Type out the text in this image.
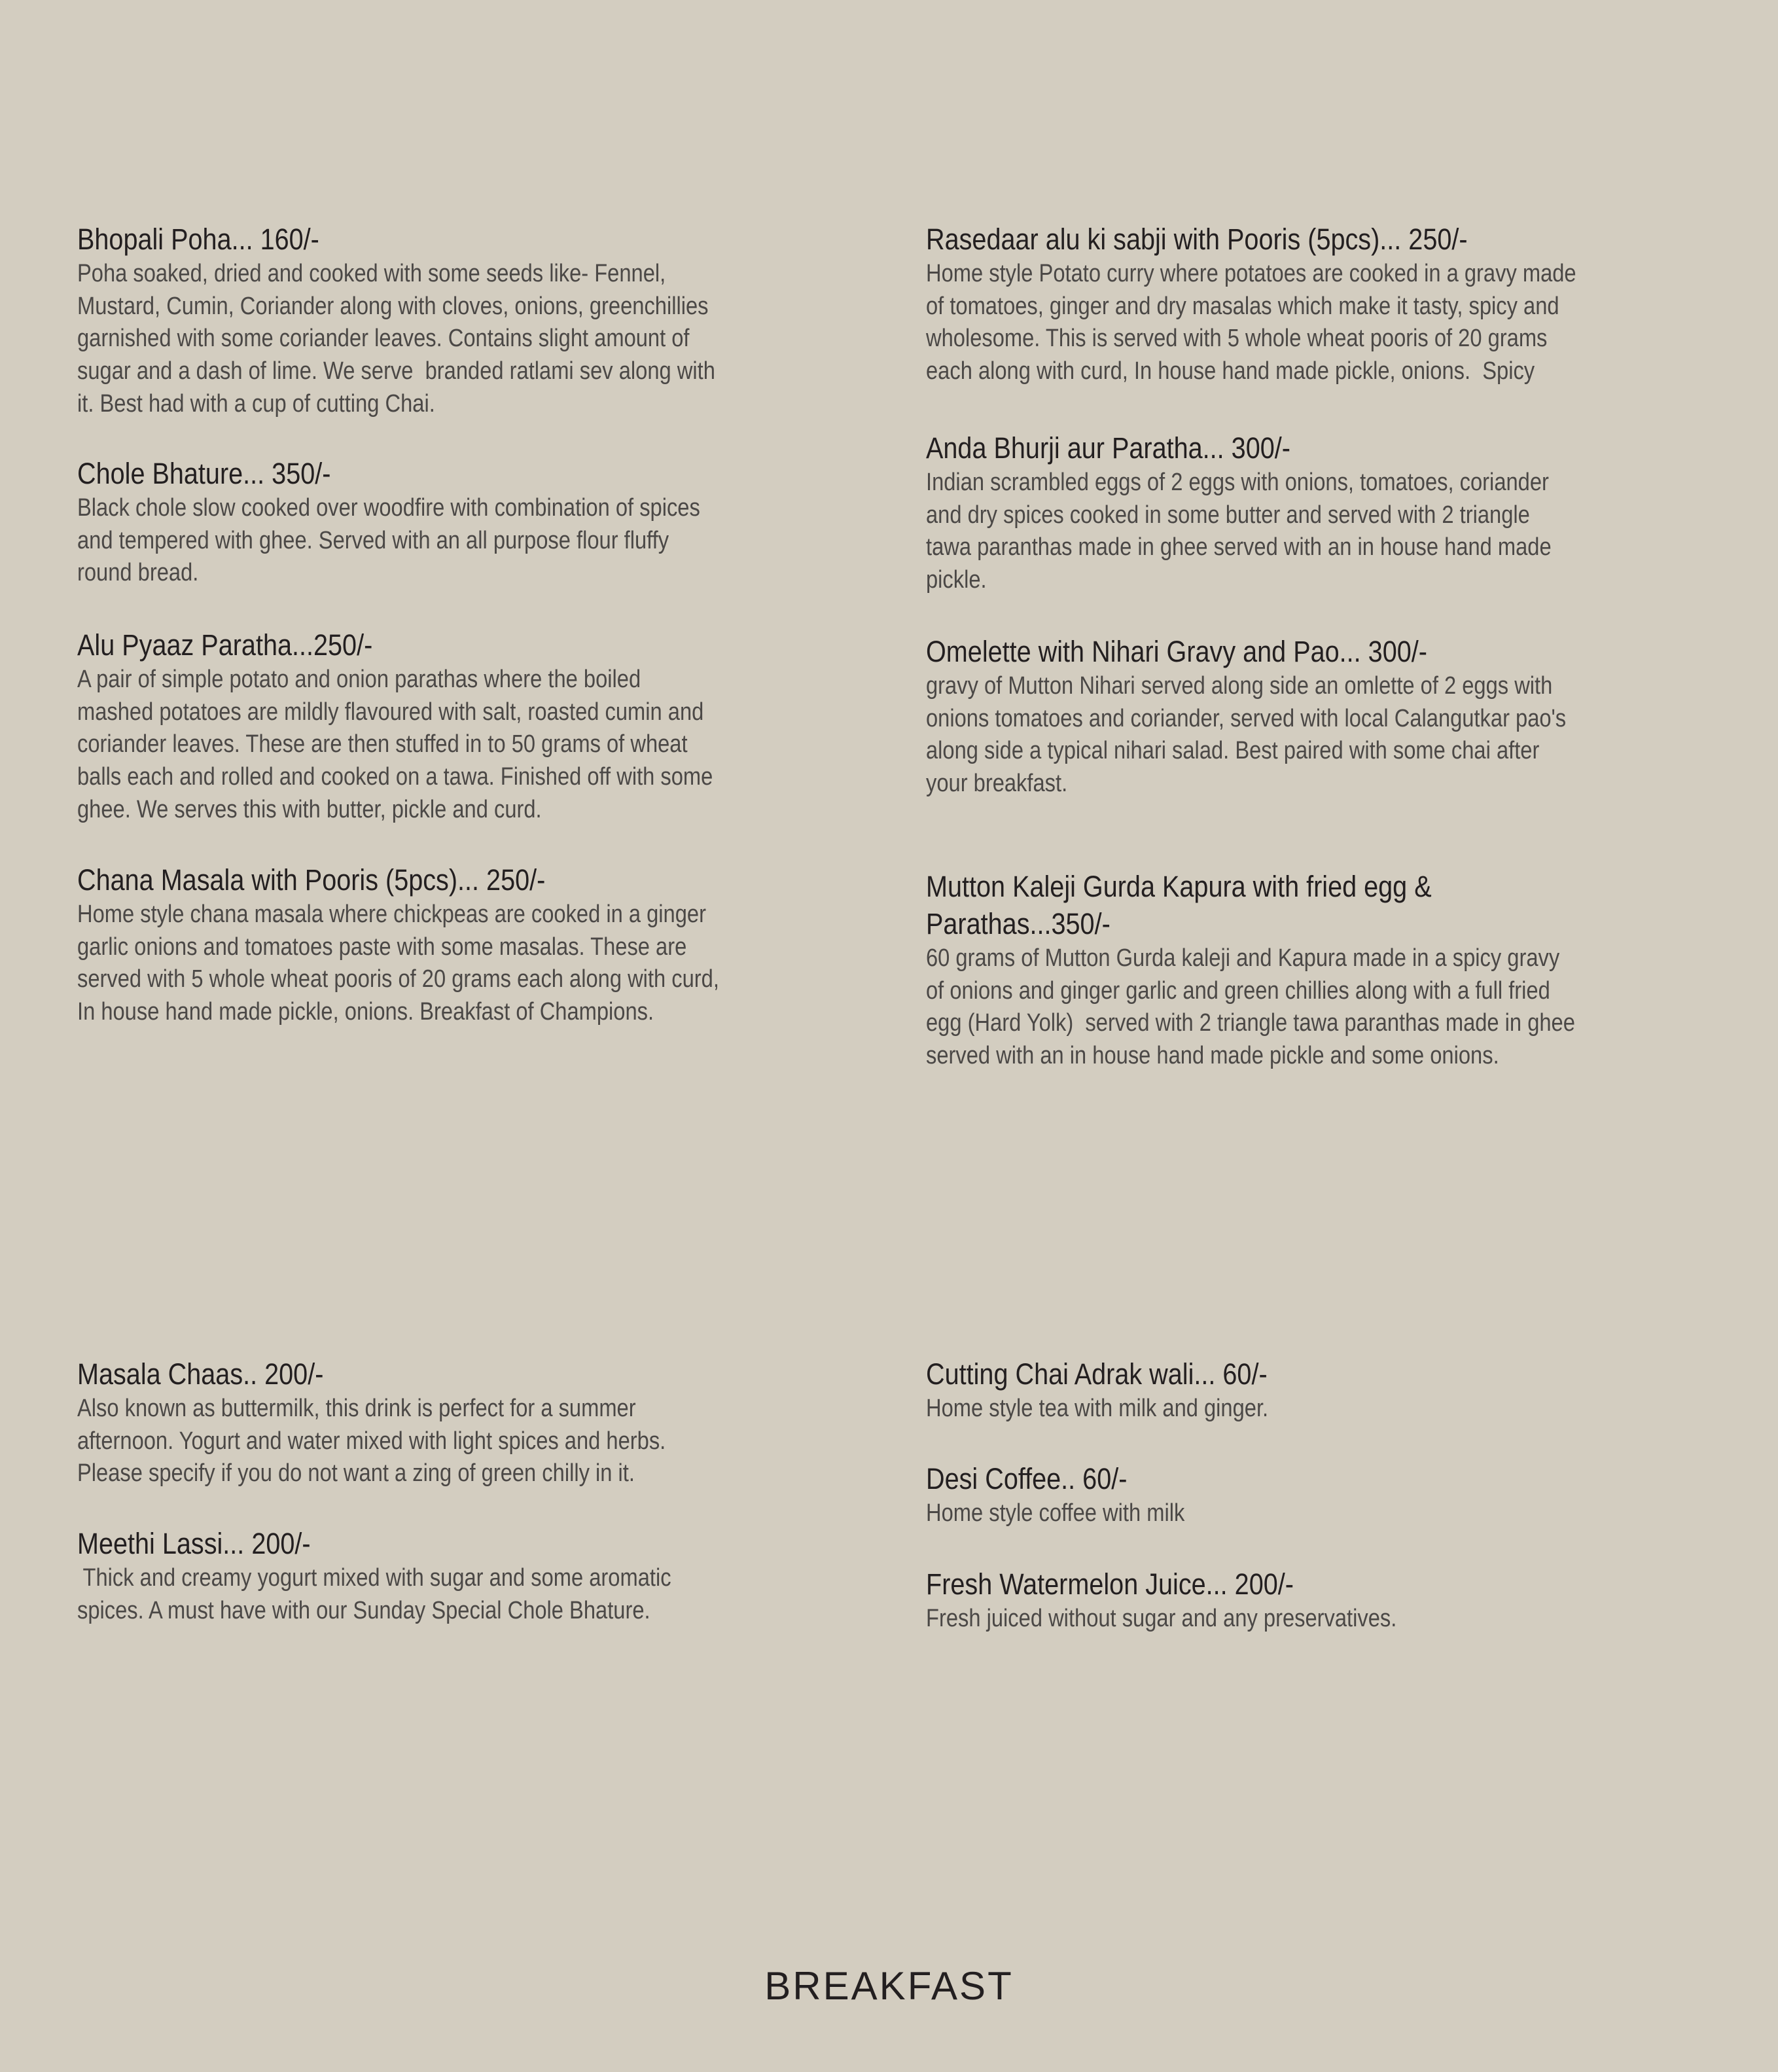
Bhopali Poha... 160/-
Poha soaked, dried and cooked with some seeds like- Fennel,
Mustard, Cumin, Coriander along with cloves, onions, greenchillies
garnished with some coriander leaves. Contains slight amount of
sugar and a dash of lime. We serve  branded ratlami sev along with
it. Best had with a cup of cutting Chai.
Chole Bhature... 350/-
Black chole slow cooked over woodfire with combination of spices
and tempered with ghee. Served with an all purpose flour fluffy
round bread.
Alu Pyaaz Paratha...250/-
A pair of simple potato and onion parathas where the boiled
mashed potatoes are mildly flavoured with salt, roasted cumin and
coriander leaves. These are then stuffed in to 50 grams of wheat
balls each and rolled and cooked on a tawa. Finished off with some
ghee. We serves this with butter, pickle and curd.
Chana Masala with Pooris (5pcs)... 250/-
Home style chana masala where chickpeas are cooked in a ginger
garlic onions and tomatoes paste with some masalas. These are
served with 5 whole wheat pooris of 20 grams each along with curd,
In house hand made pickle, onions. Breakfast of Champions.
Masala Chaas.. 200/-
Also known as buttermilk, this drink is perfect for a summer
afternoon. Yogurt and water mixed with light spices and herbs.
Please specify if you do not want a zing of green chilly in it.
Meethi Lassi... 200/-
Thick and creamy yogurt mixed with sugar and some aromatic
spices. A must have with our Sunday Special Chole Bhature.
Rasedaar alu ki sabji with Pooris (5pcs)... 250/-
Home style Potato curry where potatoes are cooked in a gravy made
of tomatoes, ginger and dry masalas which make it tasty, spicy and
wholesome. This is served with 5 whole wheat pooris of 20 grams
each along with curd, In house hand made pickle, onions.  Spicy
Anda Bhurji aur Paratha... 300/-
Indian scrambled eggs of 2 eggs with onions, tomatoes, coriander
and dry spices cooked in some butter and served with 2 triangle
tawa paranthas made in ghee served with an in house hand made
pickle.
Omelette with Nihari Gravy and Pao... 300/-
gravy of Mutton Nihari served along side an omlette of 2 eggs with
onions tomatoes and coriander, served with local Calangutkar pao's
along side a typical nihari salad. Best paired with some chai after
your breakfast.
Mutton Kaleji Gurda Kapura with fried egg &
Parathas...350/-
60 grams of Mutton Gurda kaleji and Kapura made in a spicy gravy
of onions and ginger garlic and green chillies along with a full fried
egg (Hard Yolk)  served with 2 triangle tawa paranthas made in ghee
served with an in house hand made pickle and some onions.
Cutting Chai Adrak wali... 60/-
Home style tea with milk and ginger.
Desi Coffee.. 60/-
Home style coffee with milk
Fresh Watermelon Juice... 200/-
Fresh juiced without sugar and any preservatives.
BREAKFAST
